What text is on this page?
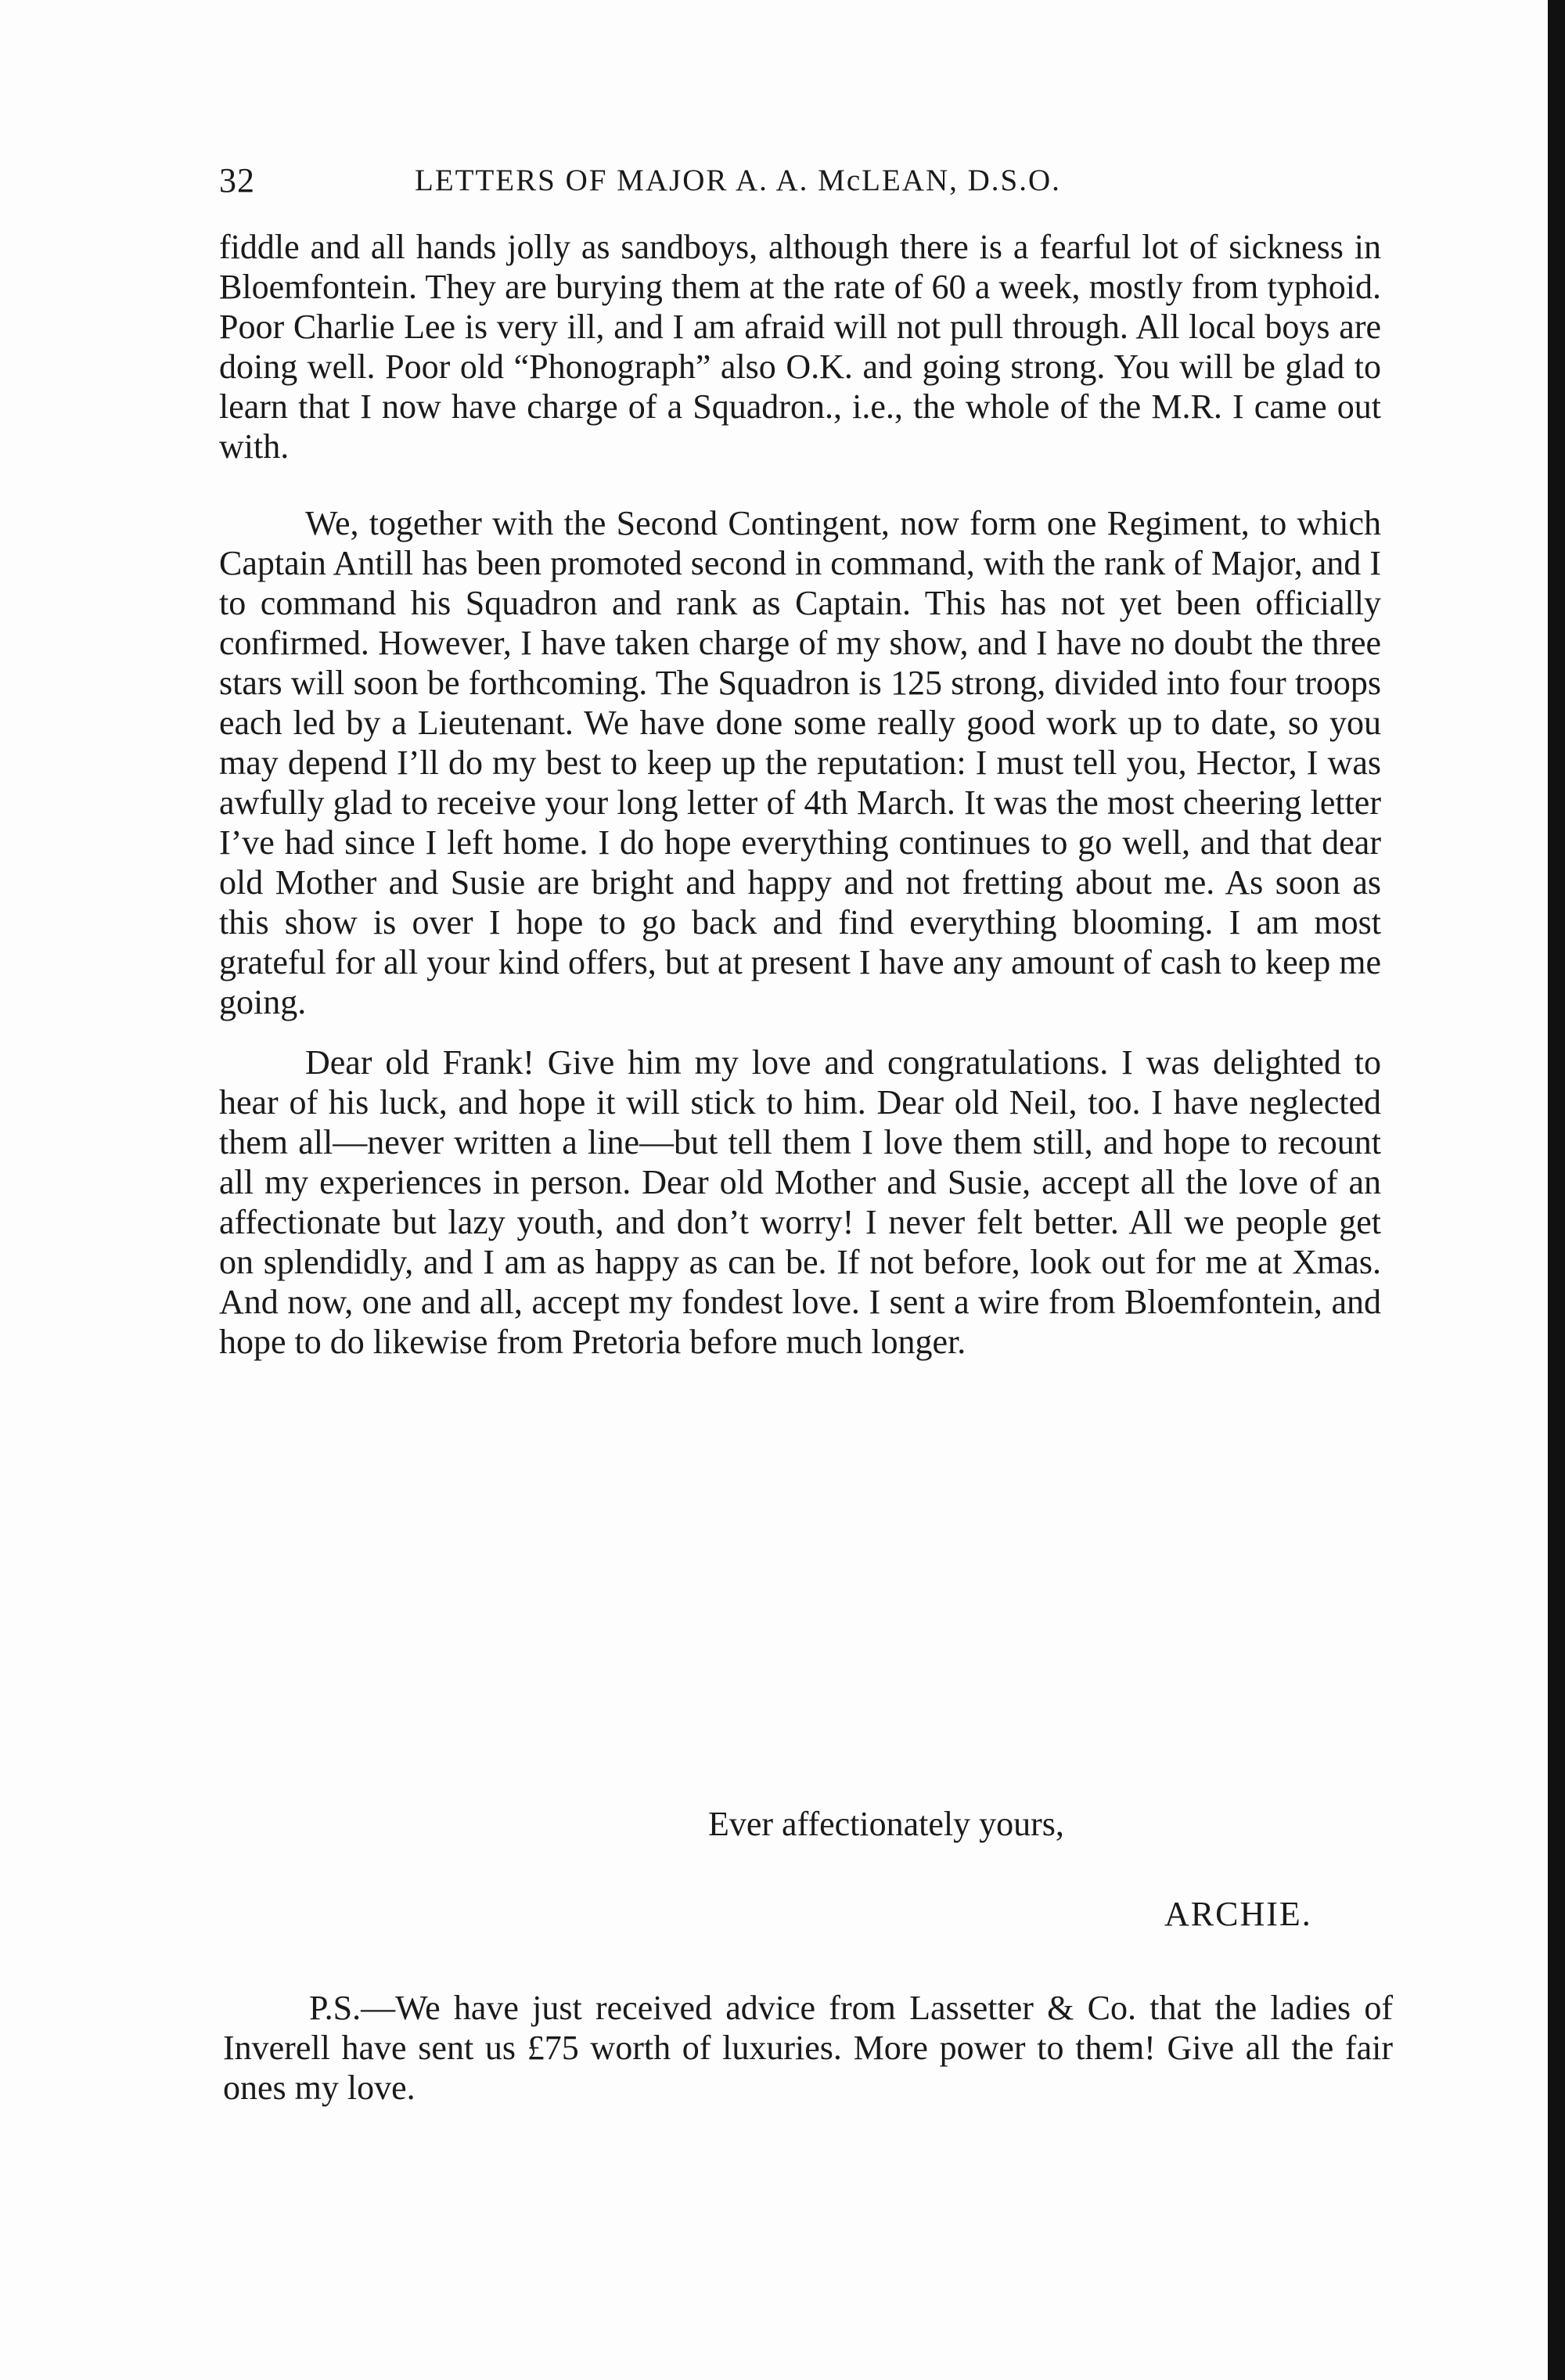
32	LETTERS OF MAJOR A. A. McLEAN, D.S.O.

fiddle and all hands jolly as sandboys, although there is a fearful lot of sickness in Bloemfontein. They are burying them at the rate of 60 a week, mostly from typhoid. Poor Charlie Lee is very ill, and I am afraid will not pull through. All local boys are doing well. Poor old “Phonograph” also O.K. and going strong. You will be glad to learn that I now have charge of a Squadron., i.e., the whole of the M.R. I came out with.

We, together with the Second Contingent, now form one Regiment, to which Captain Antill has been promoted second in command, with the rank of Major, and I to command his Squadron and rank as Captain. This has not yet been officially confirmed. However, I have taken charge of my show, and I have no doubt the three stars will soon be forthcoming. The Squadron is 125 strong, divided into four troops each led by a Lieutenant. We have done some really good work up to date, so you may depend I’ll do my best to keep up the reputation: I must tell you, Hector, I was awfully glad to receive your long letter of 4th March. It was the most cheering letter I’ve had since I left home. I do hope everything continues to go well, and that dear old Mother and Susie are bright and happy and not fretting about me. As soon as this show is over I hope to go back and find everything blooming. I am most grateful for all your kind offers, but at present I have any amount of cash to keep me going.

Dear old Frank! Give him my love and congratulations. I was delighted to hear of his luck, and hope it will stick to him. Dear old Neil, too. I have neglected them all—never written a line—but tell them I love them still, and hope to recount all my experiences in person. Dear old Mother and Susie, accept all the love of an affectionate but lazy youth, and don’t worry! I never felt better. All we people get on splendidly, and I am as happy as can be. If not before, look out for me at Xmas. And now, one and all, accept my fondest love. I sent a wire from Bloemfontein, and hope to do likewise from Pretoria before much longer.

Ever affectionately yours,
ARCHIE.

P.S.—We have just received advice from Lassetter & Co. that the ladies of Inverell have sent us £75 worth of luxuries. More power to them! Give all the fair ones my love.
